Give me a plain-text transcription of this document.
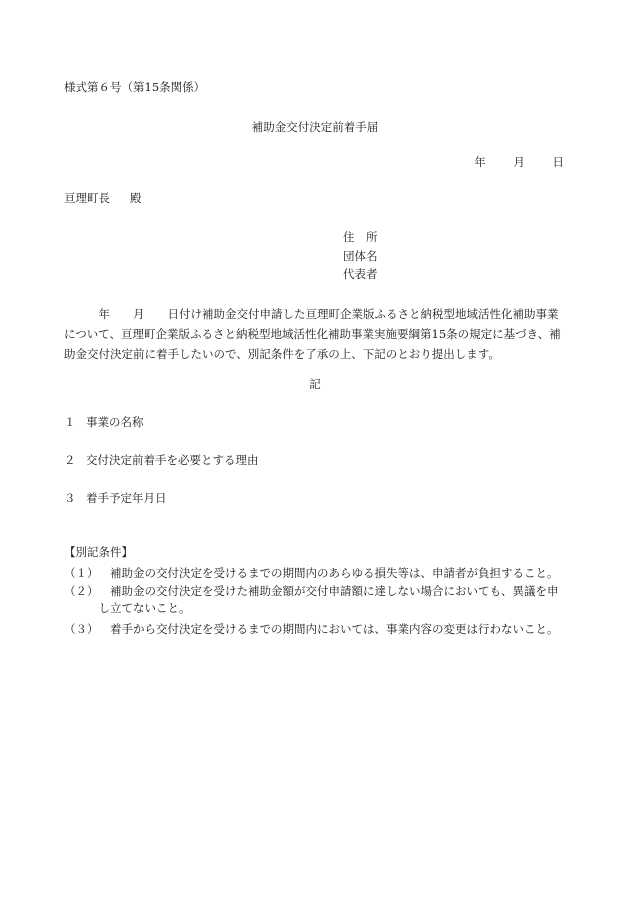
様式第６号（第15条関係）
補助金交付決定前着手届
年 月 日
亘理町長 殿
住　所
団体名
代表者

　　　年　　月　　日付け補助金交付申請した亘理町企業版ふるさと納税型地域活性化補助事業

について、亘理町企業版ふるさと納税型地域活性化補助事業実施要綱第15条の規定に基づき、補

助金交付決定前に着手したいので、別記条件を了承の上、下記のとおり提出します。

記
１ 事業の名称
２ 交付決定前着手を必要とする理由
３ 着手予定年月日
【別記条件】
（１） 　補助金の交付決定を受けるまでの期間内のあらゆる損失等は、申請者が負担すること。
（２） 　補助金の交付決定を受けた補助金額が交付申請額に達しない場合においても、異議を申し立てないこと。
（３） 　着手から交付決定を受けるまでの期間内においては、事業内容の変更は行わないこと。
